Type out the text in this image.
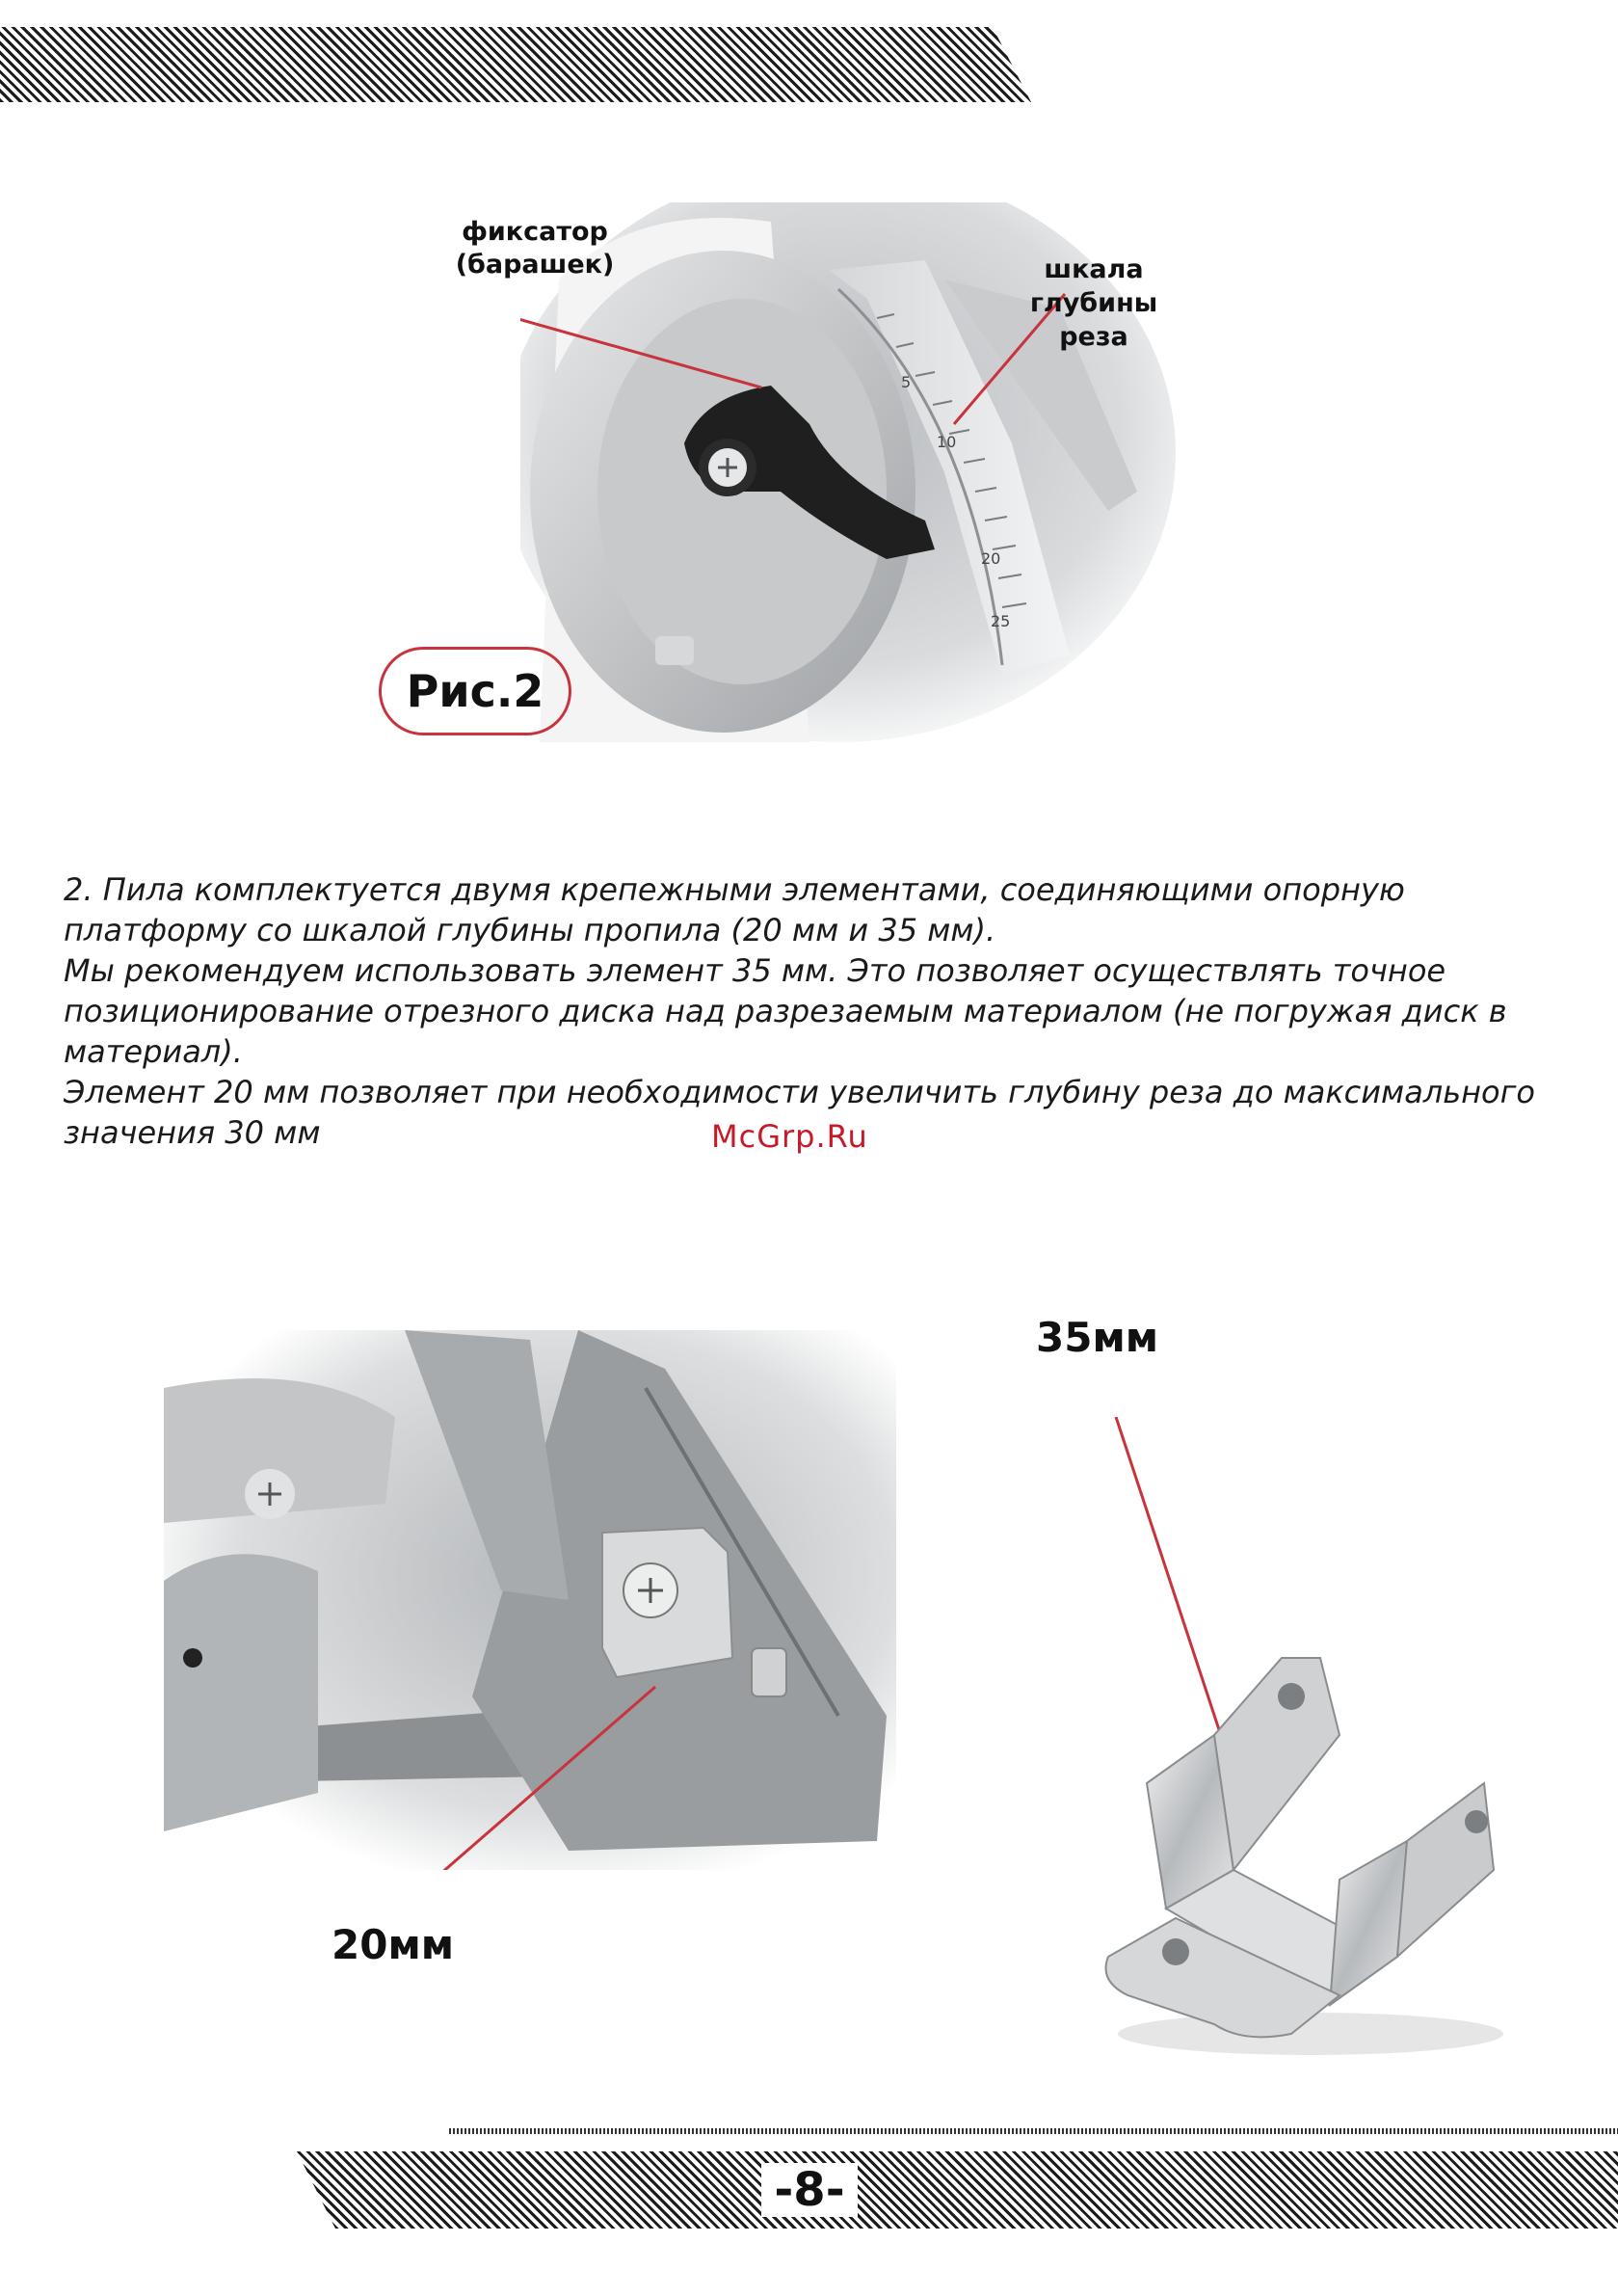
5
10
20
25
фиксатор
(барашек)	шкала
глубины
реза
Рис.2

2. Пила комплектуется двумя крепежными элементами, соединяющими опорную платформу со шкалой глубины пропила (20 мм и 35 мм).

Мы рекомендуем использовать элемент 35 мм. Это позволяет осуществлять точное позиционирование отрезного диска над разрезаемым материалом (не погружая диск в материал).

Элемент 20 мм позволяет при необходимости увеличить глубину реза до максимального значения 30 мм	McGrp.Ru
35мм
20мм
-8-
